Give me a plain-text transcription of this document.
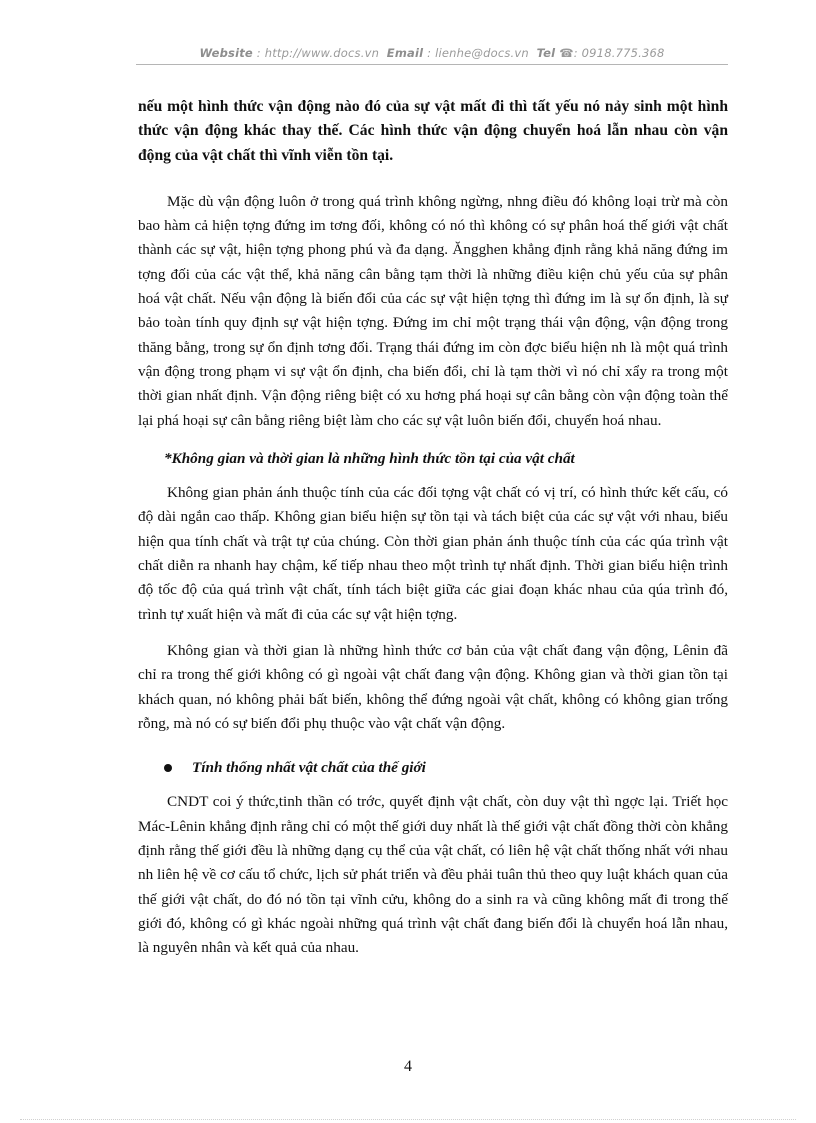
Website : http://www.docs.vn Email : lienhe@docs.vn Tel ☎: 0918.775.368

nếu một hình thức vận động nào đó của sự vật mất đi thì tất yếu nó nảy sinh một hình thức vận động khác thay thế. Các hình thức vận động chuyển hoá lẫn nhau còn vận động của vật chất thì vĩnh viễn tồn tại.

Mặc dù vận động luôn ở trong quá trình không ngừng, nhng điều đó không loại trừ mà còn bao hàm cả hiện tợng đứng im tơng đối, không có nó thì không có sự phân hoá thế giới vật chất thành các sự vật, hiện tợng phong phú và đa dạng. Ăngghen khẳng định rằng khả năng đứng im tợng đối của các vật thể, khả năng cân bằng tạm thời là những điều kiện chủ yếu của sự phân hoá vật chất. Nếu vận động là biến đổi của các sự vật hiện tợng thì đứng im là sự ổn định, là sự bảo toàn tính quy định sự vật hiện tợng. Đứng im chỉ một trạng thái vận động, vận động trong thăng bằng, trong sự ổn định tơng đối. Trạng thái đứng im còn đợc biểu hiện nh là một quá trình vận động trong phạm vi sự vật ổn định, cha biến đổi, chỉ là tạm thời vì nó chỉ xẩy ra trong một thời gian nhất định. Vận động riêng biệt có xu hơng phá hoại sự cân bằng còn vận động toàn thể lại phá hoại sự cân bằng riêng biệt làm cho các sự vật luôn biến đổi, chuyển hoá nhau.

*Không gian và thời gian là những hình thức tồn tại của vật chất

Không gian phản ánh thuộc tính của các đối tợng vật chất có vị trí, có hình thức kết cấu, có độ dài ngắn cao thấp. Không gian biểu hiện sự tồn tại và tách biệt của các sự vật với nhau, biểu hiện qua tính chất và trật tự của chúng. Còn thời gian phản ánh thuộc tính của các qúa trình vật chất diễn ra nhanh hay chậm, kế tiếp nhau theo một trình tự nhất định. Thời gian biểu hiện trình độ tốc độ của quá trình vật chất, tính tách biệt giữa các giai đoạn khác nhau của qúa trình đó, trình tự xuất hiện và mất đi của các sự vật hiện tợng.

Không gian và thời gian là những hình thức cơ bản của vật chất đang vận động, Lênin đã chỉ ra trong thế giới không có gì ngoài vật chất đang vận động. Không gian và thời gian tồn tại khách quan, nó không phải bất biến, không thể đứng ngoài vật chất, không có không gian trống rỗng, mà nó có sự biến đổi phụ thuộc vào vật chất vận động.

Tính thống nhất vật chất của thế giới

CNDT coi ý thức,tinh thần có trớc, quyết định vật chất, còn duy vật thì ngợc lại. Triết học Mác-Lênin khẳng định rằng chỉ có một thế giới duy nhất là thế giới vật chất đồng thời còn khẳng định rằng thế giới đều là những dạng cụ thể của vật chất, có liên hệ vật chất thống nhất với nhau nh liên hệ về cơ cấu tổ chức, lịch sử phát triển và đều phải tuân thủ theo quy luật khách quan của thế giới vật chất, do đó nó tồn tại vĩnh cửu, không do a sinh ra và cũng không mất đi trong thế giới đó, không có gì khác ngoài những quá trình vật chất đang biến đổi là chuyển hoá lẫn nhau, là nguyên nhân và kết quả của nhau.

4
